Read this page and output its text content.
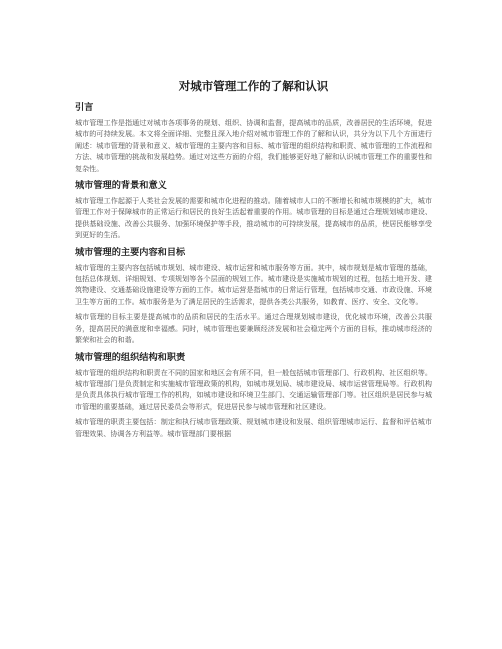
对城市管理工作的了解和认识
引言

城市管理工作是指通过对城市各项事务的规划、组织、协调和监督，提高城市的品质，改善居民的生活环境，促进城市的可持续发展。本文将全面详细、完整且深入地介绍对城市管理工作的了解和认识，共分为以下几个方面进行阐述：城市管理的背景和意义、城市管理的主要内容和目标、城市管理的组织结构和职责、城市管理的工作流程和方法、城市管理的挑战和发展趋势。通过对这些方面的介绍，我们能够更好地了解和认识城市管理工作的重要性和复杂性。

城市管理的背景和意义

城市管理工作起源于人类社会发展的需要和城市化进程的推动。随着城市人口的不断增长和城市规模的扩大，城市管理工作对于保障城市的正常运行和居民的良好生活起着重要的作用。城市管理的目标是通过合理规划城市建设、提供基础设施、改善公共服务、加强环境保护等手段，推动城市的可持续发展，提高城市的品质，使居民能够享受到更好的生活。

城市管理的主要内容和目标

城市管理的主要内容包括城市规划、城市建设、城市运营和城市服务等方面。其中，城市规划是城市管理的基础，包括总体规划、详细规划、专项规划等各个层面的规划工作。城市建设是实施城市规划的过程，包括土地开发、建筑物建设、交通基础设施建设等方面的工作。城市运营是指城市的日常运行管理，包括城市交通、市政设施、环境卫生等方面的工作。城市服务是为了满足居民的生活需求，提供各类公共服务，如教育、医疗、安全、文化等。

城市管理的目标主要是提高城市的品质和居民的生活水平。通过合理规划城市建设，优化城市环境，改善公共服务，提高居民的满意度和幸福感。同时，城市管理也要兼顾经济发展和社会稳定两个方面的目标，推动城市经济的繁荣和社会的和谐。

城市管理的组织结构和职责

城市管理的组织结构和职责在不同的国家和地区会有所不同，但一般包括城市管理部门、行政机构、社区组织等。城市管理部门是负责制定和实施城市管理政策的机构，如城市规划局、城市建设局、城市运营管理局等。行政机构是负责具体执行城市管理工作的机构，如城市建设和环境卫生部门、交通运输管理部门等。社区组织是居民参与城市管理的重要基础，通过居民委员会等形式，促进居民参与城市管理和社区建设。

城市管理的职责主要包括：制定和执行城市管理政策、规划城市建设和发展、组织管理城市运行、监督和评估城市管理效果、协调各方利益等。城市管理部门要根据
